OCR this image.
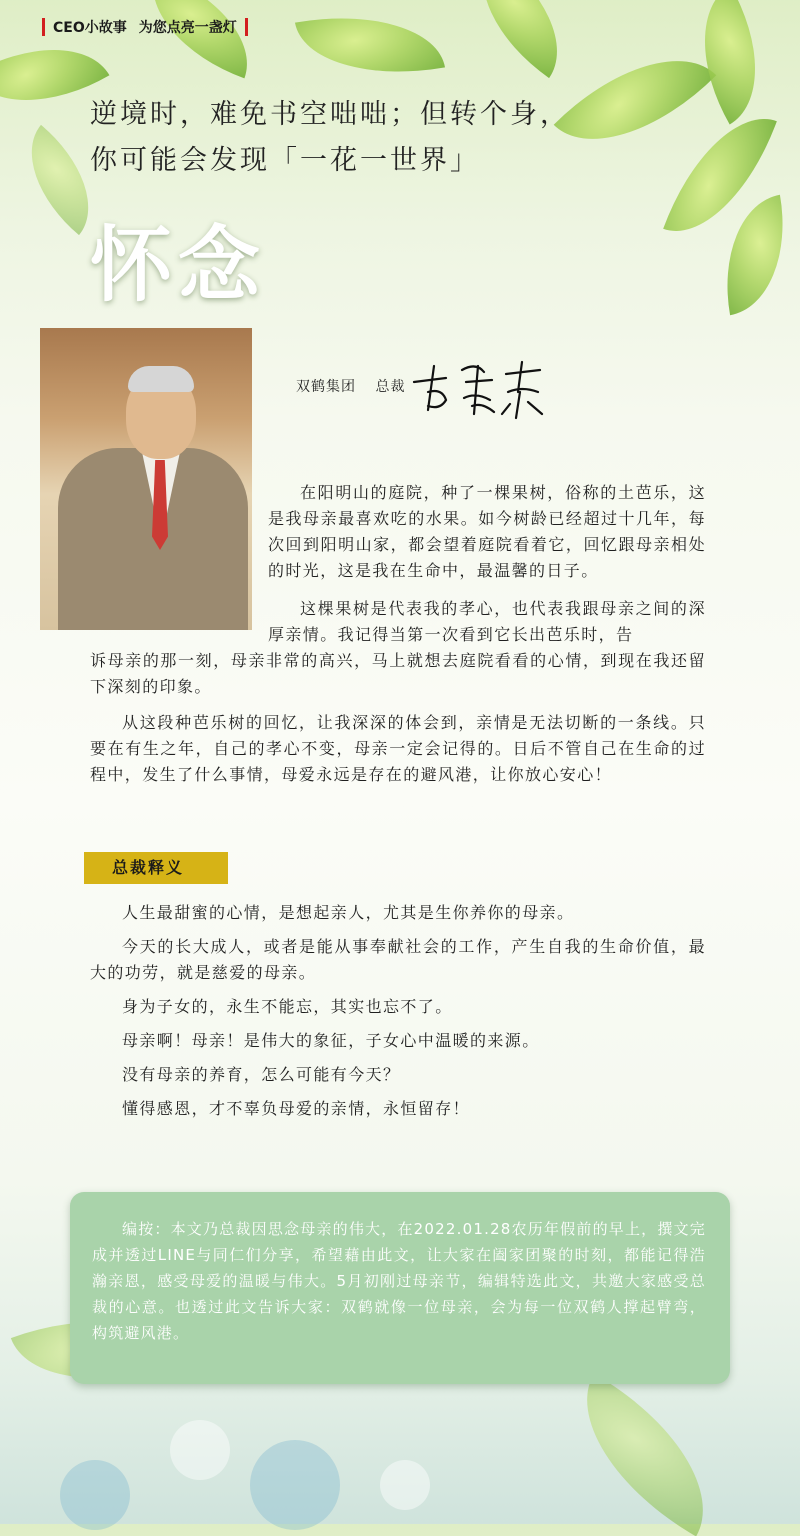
CEO小故事 为您点亮一盏灯
逆境时，难免书空咄咄；但转个身，
你可能会发现「一花一世界」
怀念
双鹤集团 总裁

在阳明山的庭院，种了一棵果树，俗称的土芭乐，这是我母亲最喜欢吃的水果。如今树龄已经超过十几年，每次回到阳明山家，都会望着庭院看着它，回忆跟母亲相处的时光，这是我在生命中，最温馨的日子。

这棵果树是代表我的孝心，也代表我跟母亲之间的深厚亲情。我记得当第一次看到它长出芭乐时，告

诉母亲的那一刻，母亲非常的高兴，马上就想去庭院看看的心情，到现在我还留下深刻的印象。

从这段种芭乐树的回忆，让我深深的体会到，亲情是无法切断的一条线。只要在有生之年，自己的孝心不变，母亲一定会记得的。日后不管自己在生命的过程中，发生了什么事情，母爱永远是存在的避风港，让你放心安心！

总裁释义

人生最甜蜜的心情，是想起亲人，尤其是生你养你的母亲。

今天的长大成人，或者是能从事奉献社会的工作，产生自我的生命价值，最大的功劳，就是慈爱的母亲。

身为子女的，永生不能忘，其实也忘不了。

母亲啊！母亲！是伟大的象征，子女心中温暖的来源。

没有母亲的养育，怎么可能有今天？

懂得感恩，才不辜负母爱的亲情，永恒留存！

编按：本文乃总裁因思念母亲的伟大，在2022.01.28农历年假前的早上，撰文完成并透过LINE与同仁们分享，希望藉由此文，让大家在阖家团聚的时刻，都能记得浩瀚亲恩，感受母爱的温暖与伟大。5月初刚过母亲节，编辑特选此文，共邀大家感受总裁的心意。也透过此文告诉大家：双鹤就像一位母亲，会为每一位双鹤人撑起臂弯，构筑避风港。
